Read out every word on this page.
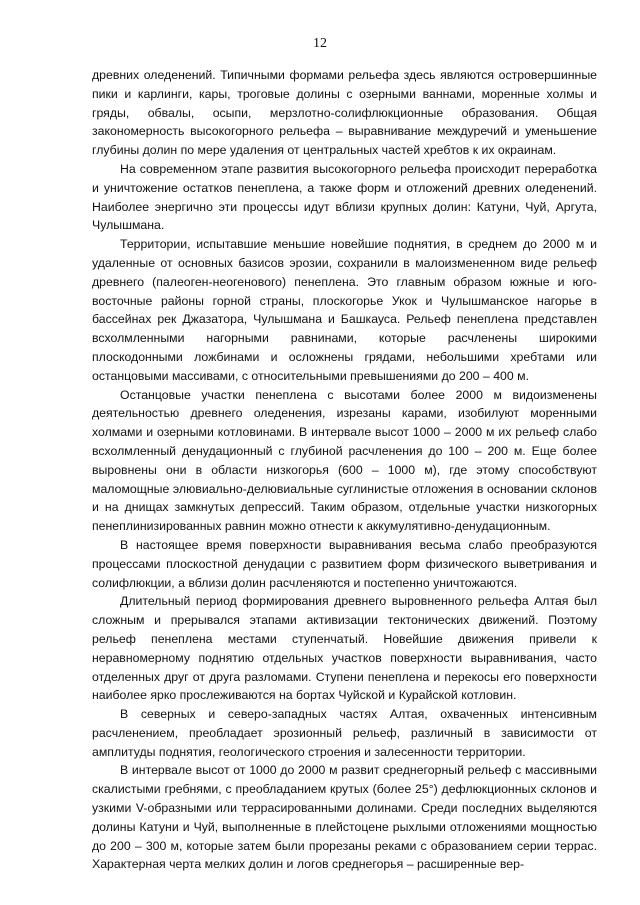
12

древних оледенений. Типичными формами рельефа здесь являются островершинные пики и карлинги, кары, троговые долины с озерными ваннами, моренные холмы и гряды, обвалы, осыпи, мерзлотно-солифлюкционные образования. Общая закономерность высокогорного рельефа – выравнивание междуречий и уменьшение глубины долин по мере удаления от центральных частей хребтов к их окраинам.

На современном этапе развития высокогорного рельефа происходит переработка и уничтожение остатков пенеплена, а также форм и отложений древних оледенений. Наиболее энергично эти процессы идут вблизи крупных долин: Катуни, Чуй, Аргута, Чулышмана.

Территории, испытавшие меньшие новейшие поднятия, в среднем до 2000 м и удаленные от основных базисов эрозии, сохранили в малоизмененном виде рельеф древнего (палеоген-неогенового) пенеплена. Это главным образом южные и юго-восточные районы горной страны, плоскогорье Укок и Чулышманское нагорье в бассейнах рек Джазатора, Чулышмана и Башкауса. Рельеф пенеплена представлен всхолмленными нагорными равнинами, которые расчленены широкими плоскодонными ложбинами и осложнены грядами, небольшими хребтами или останцовыми массивами, с относительными превышениями до 200 – 400 м.

Останцовые участки пенеплена с высотами более 2000 м видоизменены деятельностью древнего оледенения, изрезаны карами, изобилуют моренными холмами и озерными котловинами. В интервале высот 1000 – 2000 м их рельеф слабо всхолмленный денудационный с глубиной расчленения до 100 – 200 м. Еще более выровнены они в области низкогорья (600 – 1000 м), где этому способствуют маломощные элювиально-делювиальные суглинистые отложения в основании склонов и на днищах замкнутых депрессий. Таким образом, отдельные участки низкогорных пенеплинизированных равнин можно отнести к аккумулятивно-денудационным.

В настоящее время поверхности выравнивания весьма слабо преобразуются процессами плоскостной денудации с развитием форм физического выветривания и солифлюкции, а вблизи долин расчленяются и постепенно уничтожаются.

Длительный период формирования древнего выровненного рельефа Алтая был сложным и прерывался этапами активизации тектонических движений. Поэтому рельеф пенеплена местами ступенчатый. Новейшие движения привели к неравномерному поднятию отдельных участков поверхности выравнивания, часто отделенных друг от друга разломами. Ступени пенеплена и перекосы его поверхности наиболее ярко прослеживаются на бортах Чуйской и Курайской котловин.

В северных и северо-западных частях Алтая, охваченных интенсивным расчленением, преобладает эрозионный рельеф, различный в зависимости от амплитуды поднятия, геологического строения и залесенности территории.

В интервале высот от 1000 до 2000 м развит среднегорный рельеф с массивными скалистыми гребнями, с преобладанием крутых (более 25°) дефлюкционных склонов и узкими V-образными или террасированными долинами. Среди последних выделяются долины Катуни и Чуй, выполненные в плейстоцене рыхлыми отложениями мощностью до 200 – 300 м, которые затем были прорезаны реками с образованием серии террас. Характерная черта мелких долин и логов среднегорья – расширенные вер-
